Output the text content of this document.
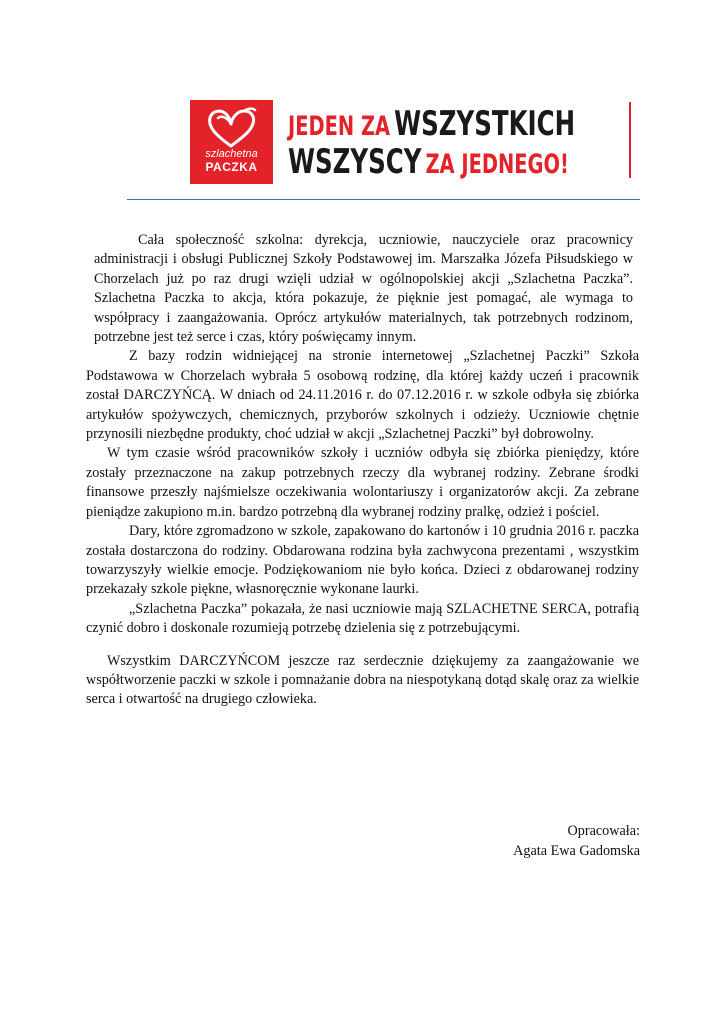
szlachetna
PACZKA
JEDEN ZA WSZYSTKICH
WSZYSCY ZA JEDNEGO!

Cała społeczność szkolna: dyrekcja, uczniowie, nauczyciele oraz pracownicy administracji i obsługi Publicznej Szkoły Podstawowej im. Marszałka Józefa Piłsudskiego w Chorzelach już po raz drugi wzięli udział w ogólnopolskiej akcji „Szlachetna Paczka”. Szlachetna Paczka to akcja, która pokazuje, że pięknie jest pomagać, ale wymaga to współpracy i zaangażowania. Oprócz artykułów materialnych, tak potrzebnych rodzinom, potrzebne jest też serce i czas, który poświęcamy innym.

Z bazy rodzin widniejącej na stronie internetowej „Szlachetnej Paczki” Szkoła Podstawowa w Chorzelach wybrała 5 osobową rodzinę, dla której każdy uczeń i pracownik został DARCZYŃCĄ. W dniach od 24.11.2016 r. do 07.12.2016 r. w szkole odbyła się zbiórka artykułów spożywczych, chemicznych, przyborów szkolnych i odzieży. Uczniowie chętnie przynosili niezbędne produkty, choć udział w akcji „Szlachetnej Paczki” był dobrowolny.

W tym czasie wśród pracowników szkoły i uczniów odbyła się zbiórka pieniędzy, które zostały przeznaczone na zakup potrzebnych rzeczy dla wybranej rodziny. Zebrane środki finansowe przeszły najśmielsze oczekiwania wolontariuszy i organizatorów akcji. Za zebrane pieniądze zakupiono m.in. bardzo potrzebną dla wybranej rodziny pralkę, odzież i pościel.

Dary, które zgromadzono w szkole, zapakowano do kartonów i 10 grudnia 2016 r. paczka została dostarczona do rodziny. Obdarowana rodzina była zachwycona prezentami , wszystkim towarzyszyły wielkie emocje. Podziękowaniom nie było końca. Dzieci z obdarowanej rodziny przekazały szkole piękne, własnoręcznie wykonane laurki.

„Szlachetna Paczka” pokazała, że nasi uczniowie mają SZLACHETNE SERCA, potrafią czynić dobro i doskonale rozumieją potrzebę dzielenia się z potrzebującymi.

Wszystkim DARCZYŃCOM jeszcze raz serdecznie dziękujemy za zaangażowanie we współtworzenie paczki w szkole i pomnażanie dobra na niespotykaną dotąd skalę oraz za wielkie serca i otwartość na drugiego człowieka.

Opracowała:
Agata Ewa Gadomska
